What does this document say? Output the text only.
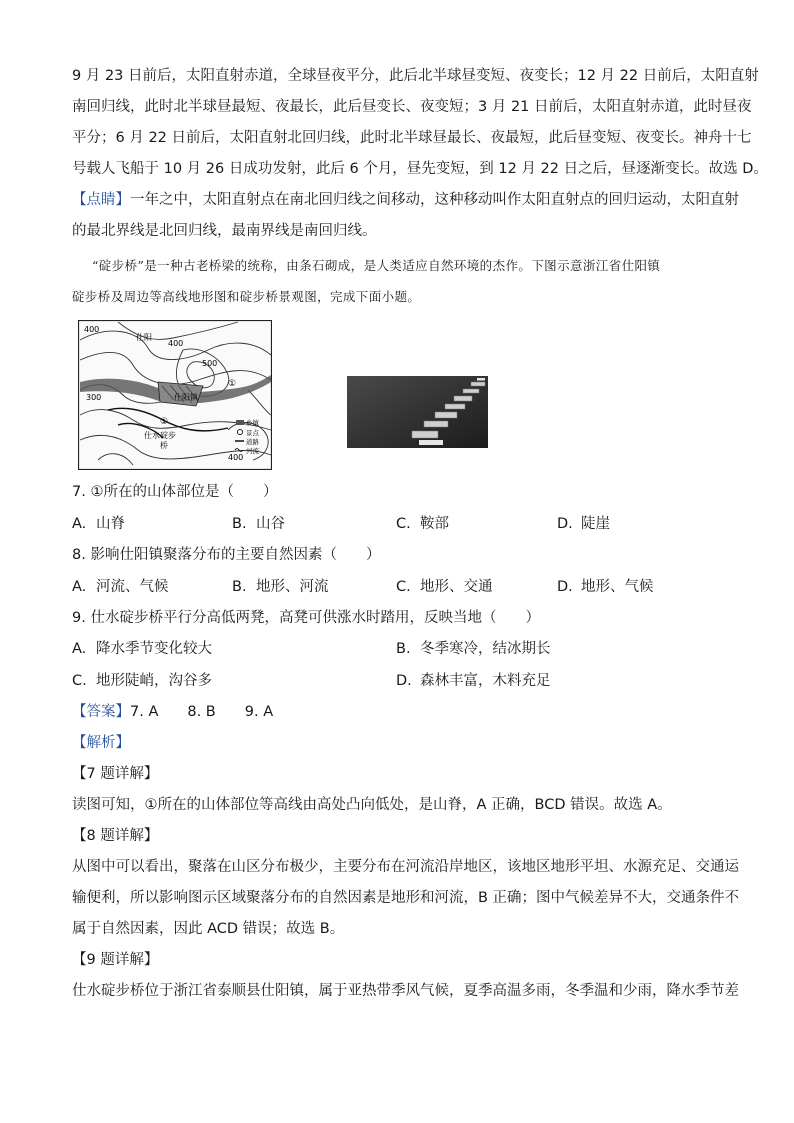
9 月 23 日前后，太阳直射赤道，全球昼夜平分，此后北半球昼变短、夜变长；12 月 22 日前后，太阳直射
南回归线，此时北半球昼最短、夜最长，此后昼变长、夜变短；3 月 21 日前后，太阳直射赤道，此时昼夜
平分；6 月 22 日前后，太阳直射北回归线，此时北半球昼最长、夜最短，此后昼变短、夜变长。神舟十七
号载人飞船于 10 月 26 日成功发射，此后 6 个月，昼先变短，到 12 月 22 日之后，昼逐渐变长。故选 D。
【点睛】一年之中，太阳直射点在南北回归线之间移动，这种移动叫作太阳直射点的回归运动，太阳直射
的最北界线是北回归线，最南界线是南回归线。
“碇步桥”是一种古老桥梁的统称，由条石砌成，是人类适应自然环境的杰作。下图示意浙江省仕阳镇
碇步桥及周边等高线地形图和碇步桥景观图，完成下面小题。
400
400
500
300
400
仕阳
仕阳镇
仕水碇步
桥
①
①	乡镇
景点
道路
河流
7. ①所在的山体部位是（　　）
A. 山脊	B. 山谷	C. 鞍部	D. 陡崖
8. 影响仕阳镇聚落分布的主要自然因素（　　）
A. 河流、气候	B. 地形、河流	C. 地形、交通	D. 地形、气候
9. 仕水碇步桥平行分高低两凳，高凳可供涨水时踏用，反映当地（　　）
A. 降水季节变化较大	B. 冬季寒冷，结冰期长
C. 地形陡峭，沟谷多	D. 森林丰富，木料充足
【答案】7. A　　8. B　　9. A
【解析】
【7 题详解】
读图可知，①所在的山体部位等高线由高处凸向低处，是山脊，A 正确，BCD 错误。故选 A。
【8 题详解】
从图中可以看出，聚落在山区分布极少，主要分布在河流沿岸地区，该地区地形平坦、水源充足、交通运
输便利，所以影响图示区域聚落分布的自然因素是地形和河流，B 正确；图中气候差异不大，交通条件不
属于自然因素，因此 ACD 错误；故选 B。
【9 题详解】
仕水碇步桥位于浙江省泰顺县仕阳镇，属于亚热带季风气候，夏季高温多雨，冬季温和少雨，降水季节差
